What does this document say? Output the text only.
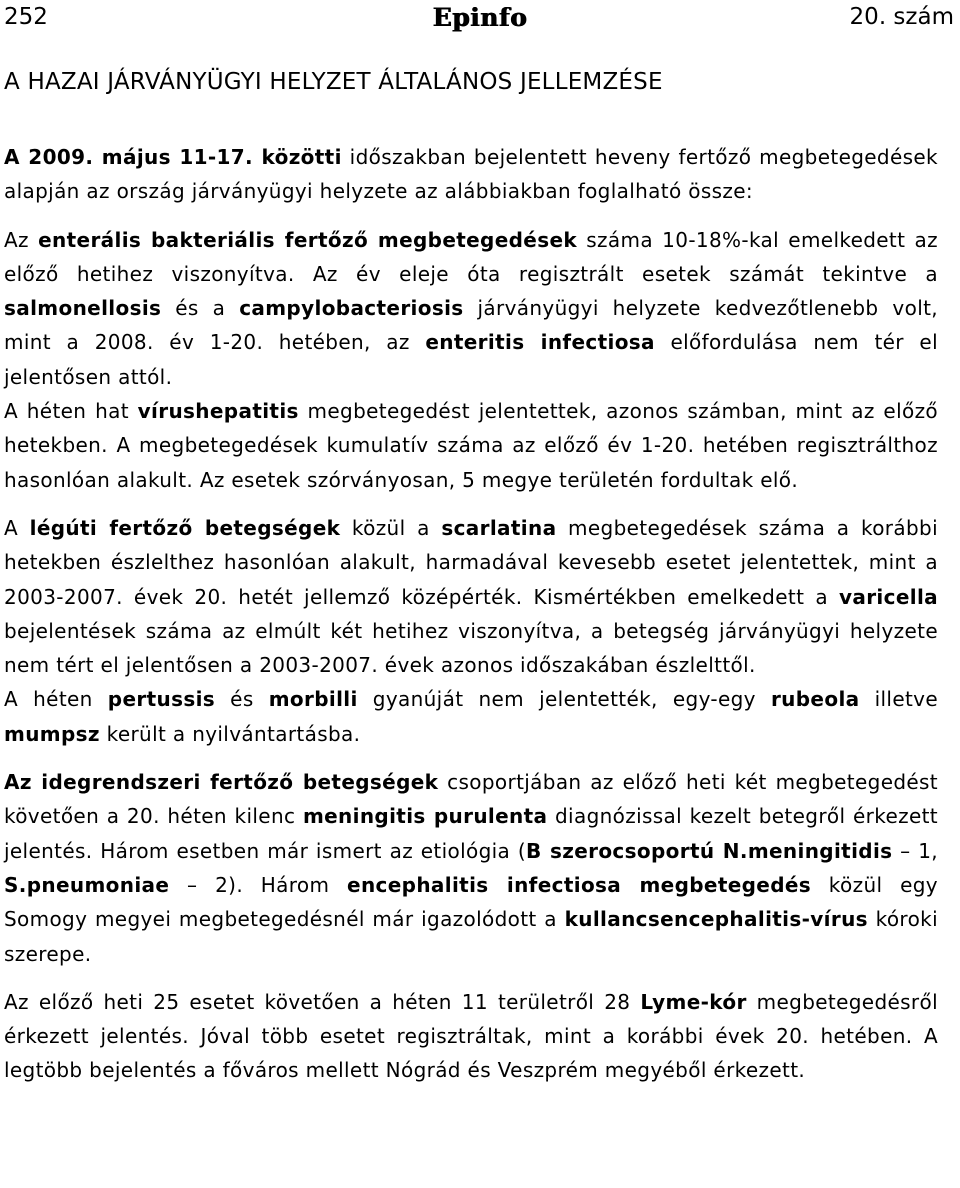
252	Epinfo	20. szám
A HAZAI JÁRVÁNYÜGYI HELYZET ÁLTALÁNOS JELLEMZÉSE

A 2009. május 11-17. közötti időszakban bejelentett heveny fertőző megbetegedések alapján az ország járványügyi helyzete az alábbiakban foglalható össze:

Az enterális bakteriális fertőző megbetegedések száma 10-18%-kal emelkedett az előző hetihez viszonyítva. Az év eleje óta regisztrált esetek számát tekintve a salmonellosis és a campylobacteriosis járványügyi helyzete kedvezőtlenebb volt, mint a 2008. év 1-20. hetében, az enteritis infectiosa előfordulása nem tér el jelentősen attól.

A héten hat vírushepatitis megbetegedést jelentettek, azonos számban, mint az előző hetekben. A megbetegedések kumulatív száma az előző év 1-20. hetében regisztrálthoz hasonlóan alakult. Az esetek szórványosan, 5 megye területén fordultak elő.

A légúti fertőző betegségek közül a scarlatina megbetegedések száma a korábbi hetekben észlelthez hasonlóan alakult, harmadával kevesebb esetet jelentettek, mint a 2003-2007. évek 20. hetét jellemző középérték. Kismértékben emelkedett a varicella bejelentések száma az elmúlt két hetihez viszonyítva, a betegség járványügyi helyzete nem tért el jelentősen a 2003-2007. évek azonos időszakában észlelttől.

A héten pertussis és morbilli gyanúját nem jelentették, egy-egy rubeola illetve mumpsz került a nyilvántartásba.

Az idegrendszeri fertőző betegségek csoportjában az előző heti két megbetegedést követően a 20. héten kilenc meningitis purulenta diagnózissal kezelt betegről érkezett jelentés. Három esetben már ismert az etiológia (B szerocsoportú N.meningitidis – 1, S.pneumoniae – 2). Három encephalitis infectiosa megbetegedés közül egy Somogy megyei megbetegedésnél már igazolódott a kullancsencephalitis-vírus kóroki szerepe.

Az előző heti 25 esetet követően a héten 11 területről 28 Lyme-kór megbetegedésről érkezett jelentés. Jóval több esetet regisztráltak, mint a korábbi évek 20. hetében. A legtöbb bejelentés a főváros mellett Nógrád és Veszprém megyéből érkezett.
